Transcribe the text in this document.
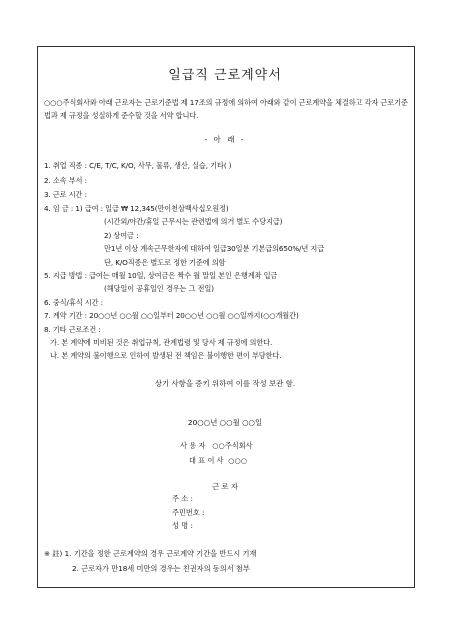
일급직 근로계약서
○○○주식회사와 아래 근로자는 근로기준법 제 17조의 규정에 의하여 아래와 같이 근로계약을 체결하고 각자 근로기준법과 제 규정을 성실하게 준수할 것을 서약 합니다.
- 아 래 -
1. 취업 직종 : C/E, T/C, K/O, 사무, 물류, 생산, 실습, 기타( )
2. 소속 부서 :
3. 근로 시간 :
4. 임 금 : 1) 급여 : 일급 ₩ 12,345(만이천삼백사십오원정)
(시간외/야간/휴일 근무시는 관련법에 의거 별도 수당지급)
2) 상여금 :
만1년 이상 계속근무한자에 대하여 일급30일분 기본급의650%/년 지급
단, K/O직종은 별도로 정한 기준에 의함
5. 지급 방법 : 급여는 매월 10일, 상여금은 짝수 월 말일 본인 은행계좌 입금
(해당일이 공휴일인 경우는 그 전일)
6. 중식/휴식 시간 :
7. 계약 기간 : 20○○년 ○○월 ○○일부터 20○○년 ○○월 ○○일까지(○○개월간)
8. 기타 근로조건 :
가. 본 계약에 미비된 것은 취업규칙, 관계법령 및 당사 제 규정에 의한다.
나. 본 계약의 불이행으로 인하여 발생된 전 책임은 불이행한 편이 부담한다.
상기 사항을 증키 위하여 이를 작성 보관 함.
20○○년 ○○월 ○○일
사 용 자 ○○주식회사
대 표 이 사 ○○○
근 로 자
주 소 :
주민번호 :
성 명 :
※ 註) 1. 기간을 정한 근로계약의 경우 근로계약 기간을 반드시 기재
2. 근로자가 만18세 미만의 경우는 친권자의 동의서 첨부
